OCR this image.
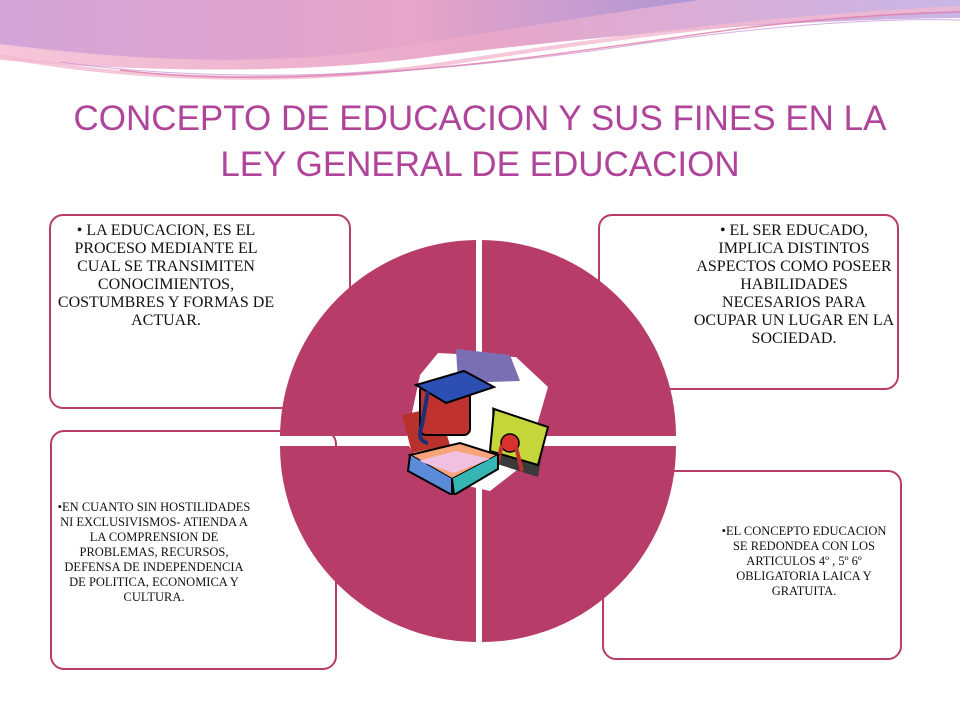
CONCEPTO DE EDUCACION Y SUS FINES EN LA LEY GENERAL DE EDUCACION
• LA EDUCACION, ES EL PROCESO MEDIANTE EL CUAL SE TRANSIMITEN CONOCIMIENTOS, COSTUMBRES Y FORMAS DE ACTUAR.
• EL SER EDUCADO, IMPLICA DISTINTOS ASPECTOS COMO POSEER HABILIDADES NECESARIOS PARA OCUPAR UN LUGAR EN LA SOCIEDAD.
•EN CUANTO SIN HOSTILIDADES NI EXCLUSIVISMOS- ATIENDA A LA COMPRENSION DE PROBLEMAS, RECURSOS, DEFENSA DE INDEPENDENCIA DE POLITICA, ECONOMICA Y CULTURA.
•EL CONCEPTO EDUCACION SE REDONDEA CON LOS ARTICULOS 4º , 5º 6º OBLIGATORIA LAICA Y GRATUITA.
